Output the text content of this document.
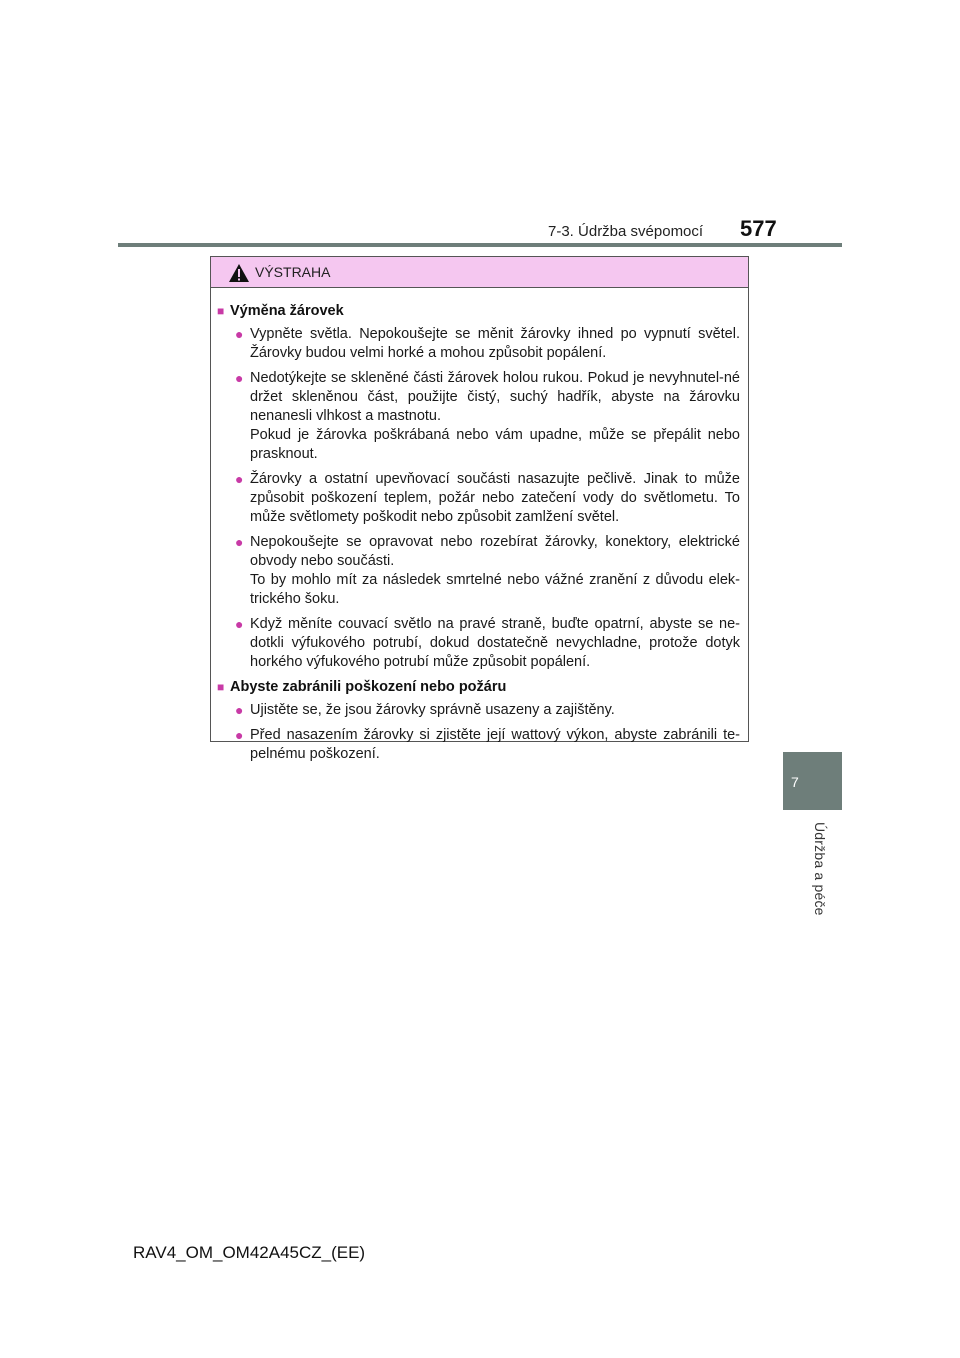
7-3. Údržba svépomocí 577
7
Údržba a péče
VÝSTRAHA
■ Výměna žárovek
● Vypněte světla. Nepokoušejte se měnit žárovky ihned po vypnutí světel. Žárovky budou velmi horké a mohou způsobit popálení.

● Nedotýkejte se skleněné části žárovek holou rukou. Pokud je nevyhnutel-né držet skleněnou část, použijte čistý, suchý hadřík, abyste na žárovku nenanesli vlhkost a mastnotu.

Pokud je žárovka poškrábaná nebo vám upadne, může se přepálit nebo prasknout.

● Žárovky a ostatní upevňovací součásti nasazujte pečlivě. Jinak to může způsobit poškození teplem, požár nebo zatečení vody do světlometu. To může světlomety poškodit nebo způsobit zamlžení světel.

● Nepokoušejte se opravovat nebo rozebírat žárovky, konektory, elektrické obvody nebo součásti.

To by mohlo mít za následek smrtelné nebo vážné zranění z důvodu elek-trického šoku.

● Když měníte couvací světlo na pravé straně, buďte opatrní, abyste se ne-dotkli výfukového potrubí, dokud dostatečně nevychladne, protože dotyk horkého výfukového potrubí může způsobit popálení.

■ Abyste zabránili poškození nebo požáru
● Ujistěte se, že jsou žárovky správně usazeny a zajištěny.

● Před nasazením žárovky si zjistěte její wattový výkon, abyste zabránili te-pelnému poškození.

RAV4_OM_OM42A45CZ_(EE)
